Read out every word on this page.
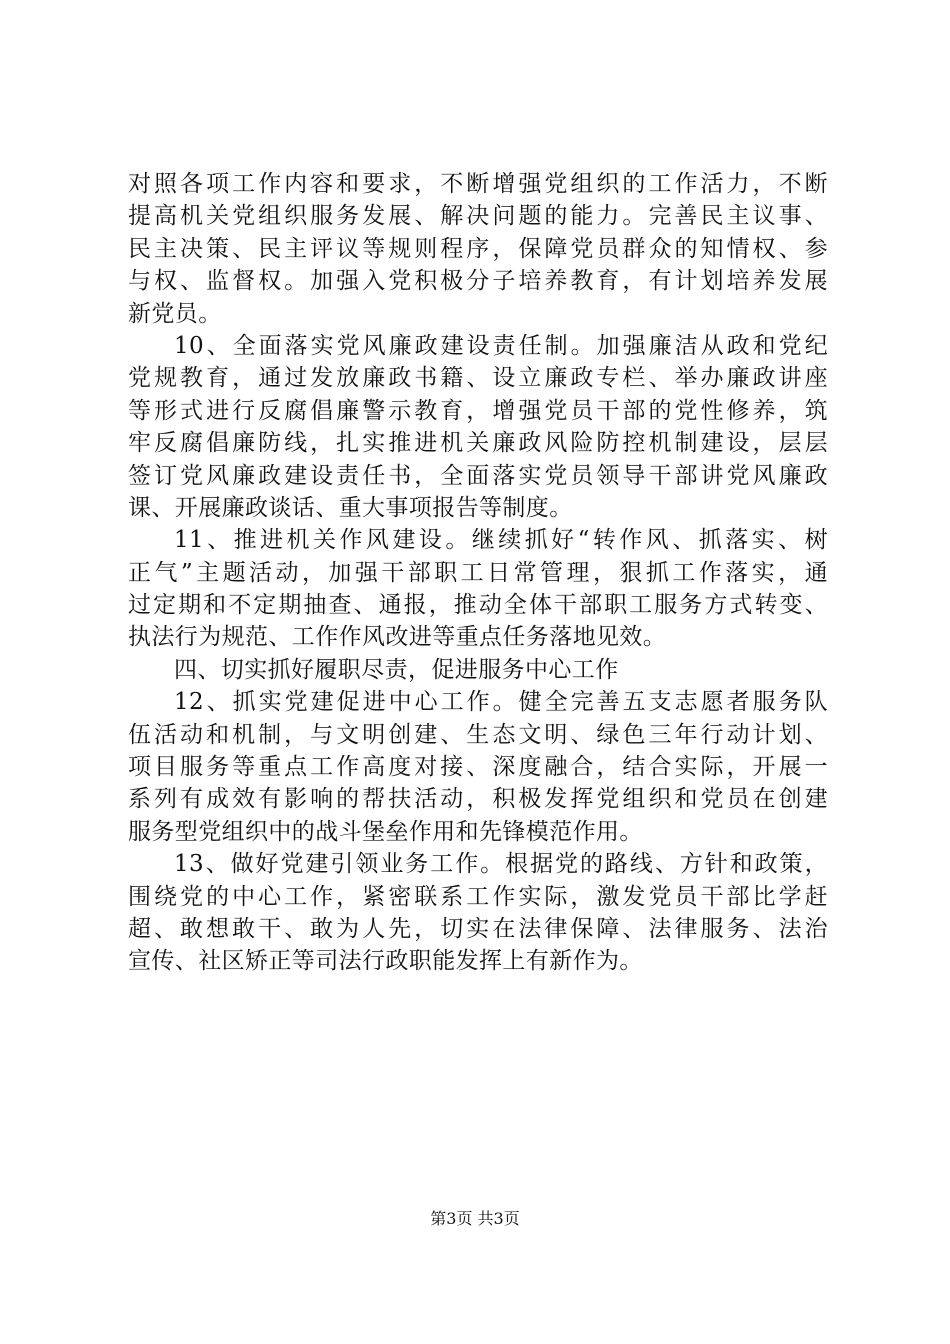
对照各项工作内容和要求，不断增强党组织的工作活力，不断
提高机关党组织服务发展、解决问题的能力。完善民主议事、
民主决策、民主评议等规则程序，保障党员群众的知情权、参
与权、监督权。加强入党积极分子培养教育，有计划培养发展
新党员。
10、全面落实党风廉政建设责任制。加强廉洁从政和党纪
党规教育，通过发放廉政书籍、设立廉政专栏、举办廉政讲座
等形式进行反腐倡廉警示教育，增强党员干部的党性修养，筑
牢反腐倡廉防线，扎实推进机关廉政风险防控机制建设，层层
签订党风廉政建设责任书，全面落实党员领导干部讲党风廉政
课、开展廉政谈话、重大事项报告等制度。
11、推进机关作风建设。继续抓好“转作风、抓落实、树
正气”主题活动，加强干部职工日常管理，狠抓工作落实，通
过定期和不定期抽查、通报，推动全体干部职工服务方式转变、
执法行为规范、工作作风改进等重点任务落地见效。
四、切实抓好履职尽责，促进服务中心工作
12、抓实党建促进中心工作。健全完善五支志愿者服务队
伍活动和机制，与文明创建、生态文明、绿色三年行动计划、
项目服务等重点工作高度对接、深度融合，结合实际，开展一
系列有成效有影响的帮扶活动，积极发挥党组织和党员在创建
服务型党组织中的战斗堡垒作用和先锋模范作用。
13、做好党建引领业务工作。根据党的路线、方针和政策，
围绕党的中心工作，紧密联系工作实际，激发党员干部比学赶
超、敢想敢干、敢为人先，切实在法律保障、法律服务、法治
宣传、社区矫正等司法行政职能发挥上有新作为。
第3页 共3页
